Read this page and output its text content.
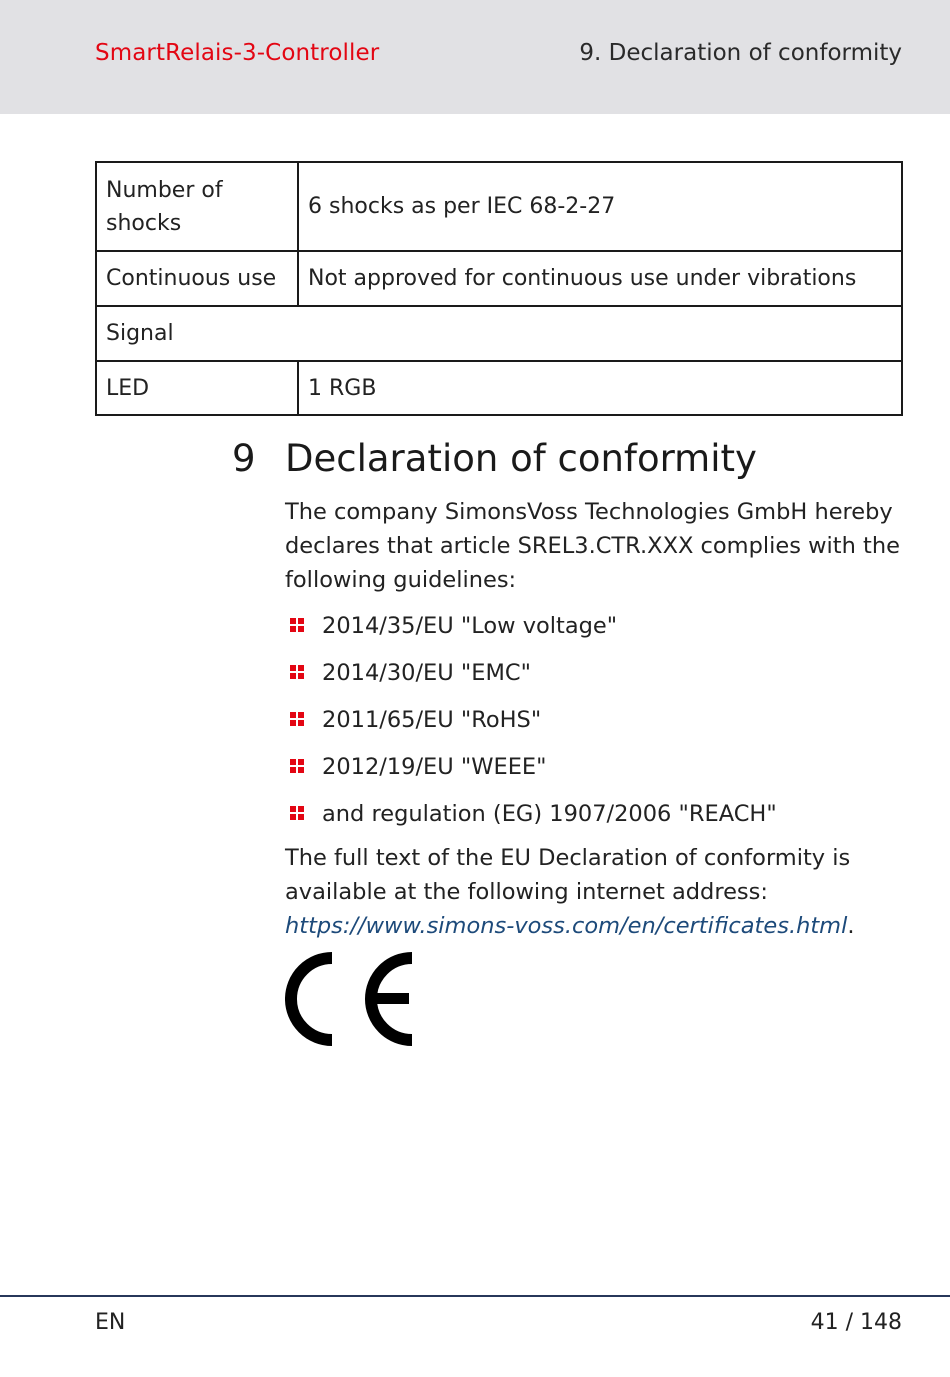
SmartRelais-3-Controller	9. Declaration of conformity
Number of shocks	6 shocks as per IEC 68-2-27
Continuous use	Not approved for continuous use under vibrations
Signal	
LED	1 RGB
9 Declaration of conformity

The company SimonsVoss Technologies GmbH hereby declares that article SREL3.CTR.XXX complies with the following guidelines:

2014/35/EU "Low voltage"
2014/30/EU "EMC"
2011/65/EU "RoHS"
2012/19/EU "WEEE"
and regulation (EG) 1907/2006 "REACH"

The full text of the EU Declaration of conformity is available at the following internet address: https://www.simons-voss.com/en/certificates.html.

EN	41 / 148
